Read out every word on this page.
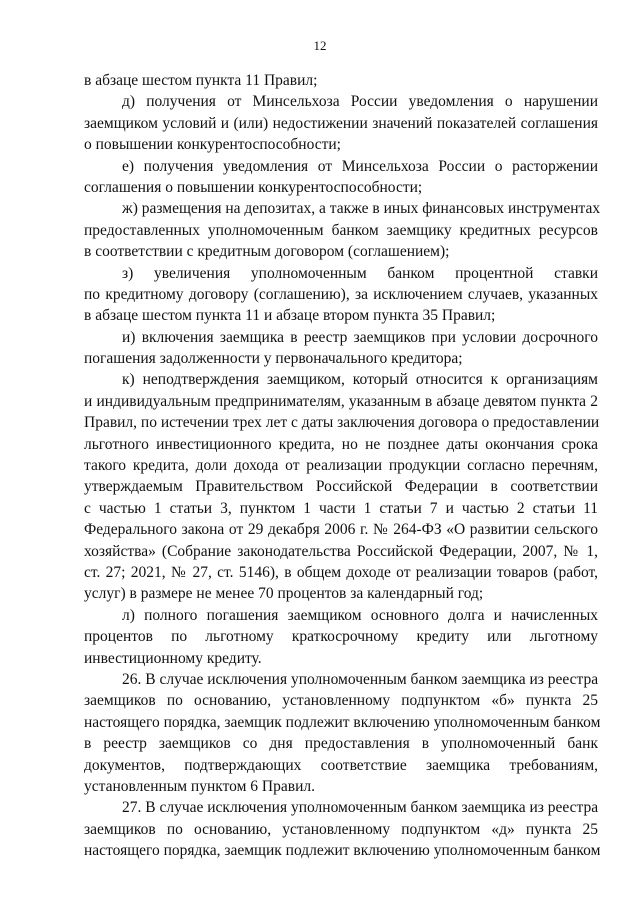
12
в абзаце шестом пункта 11 Правил;
д) получения от Минсельхоза России уведомления о нарушении
заемщиком условий и (или) недостижении значений показателей соглашения
о повышении конкурентоспособности;
е) получения уведомления от Минсельхоза России о расторжении
соглашения о повышении конкурентоспособности;
ж) размещения на депозитах, а также в иных финансовых инструментах
предоставленных уполномоченным банком заемщику кредитных ресурсов
в соответствии с кредитным договором (соглашением);
з) увеличения уполномоченным банком процентной ставки
по кредитному договору (соглашению), за исключением случаев, указанных
в абзаце шестом пункта 11 и абзаце втором пункта 35 Правил;
и) включения заемщика в реестр заемщиков при условии досрочного
погашения задолженности у первоначального кредитора;
к) неподтверждения заемщиком, который относится к организациям
и индивидуальным предпринимателям, указанным в абзаце девятом пункта 2
Правил, по истечении трех лет с даты заключения договора о предоставлении
льготного инвестиционного кредита, но не позднее даты окончания срока
такого кредита, доли дохода от реализации продукции согласно перечням,
утверждаемым Правительством Российской Федерации в соответствии
с частью 1 статьи 3, пунктом 1 части 1 статьи 7 и частью 2 статьи 11
Федерального закона от 29 декабря 2006 г. № 264-ФЗ «О развитии сельского
хозяйства» (Собрание законодательства Российской Федерации, 2007, № 1,
ст. 27; 2021, № 27, ст. 5146), в общем доходе от реализации товаров (работ,
услуг) в размере не менее 70 процентов за календарный год;
л) полного погашения заемщиком основного долга и начисленных
процентов по льготному краткосрочному кредиту или льготному
инвестиционному кредиту.
26. В случае исключения уполномоченным банком заемщика из реестра
заемщиков по основанию, установленному подпунктом «б» пункта 25
настоящего порядка, заемщик подлежит включению уполномоченным банком
в реестр заемщиков со дня предоставления в уполномоченный банк
документов, подтверждающих соответствие заемщика требованиям,
установленным пунктом 6 Правил.
27. В случае исключения уполномоченным банком заемщика из реестра
заемщиков по основанию, установленному подпунктом «д» пункта 25
настоящего порядка, заемщик подлежит включению уполномоченным банком
